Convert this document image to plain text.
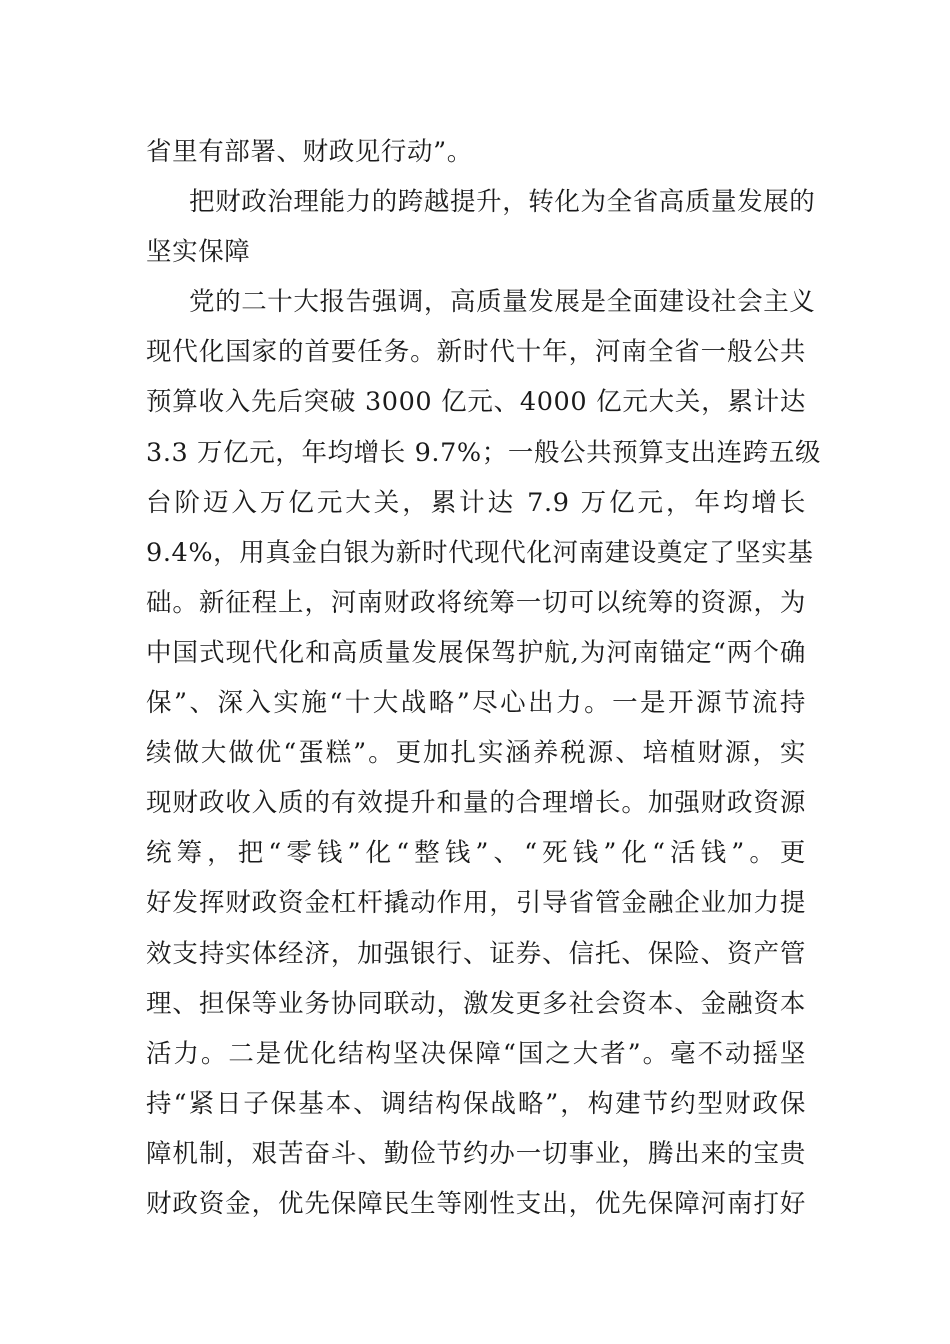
省里有部署、财政见行动”。
把财政治理能力的跨越提升，转化为全省高质量发展的
坚实保障
党的二十大报告强调，高质量发展是全面建设社会主义
现代化国家的首要任务。新时代十年，河南全省一般公共
预算收入先后突破 3000 亿元、4000 亿元大关，累计达
3.3 万亿元，年均增长 9.7%；一般公共预算支出连跨五级
台阶迈入万亿元大关，累计达 7.9 万亿元，年均增长
9.4%，用真金白银为新时代现代化河南建设奠定了坚实基
础。新征程上，河南财政将统筹一切可以统筹的资源，为
中国式现代化和高质量发展保驾护航,为河南锚定“两个确
保”、深入实施“十大战略”尽心出力。一是开源节流持
续做大做优“蛋糕”。更加扎实涵养税源、培植财源，实
现财政收入质的有效提升和量的合理增长。加强财政资源
统筹，把“零钱”化“整钱”、“死钱”化“活钱”。更
好发挥财政资金杠杆撬动作用，引导省管金融企业加力提
效支持实体经济，加强银行、证券、信托、保险、资产管
理、担保等业务协同联动，激发更多社会资本、金融资本
活力。二是优化结构坚决保障“国之大者”。毫不动摇坚
持“紧日子保基本、调结构保战略”，构建节约型财政保
障机制，艰苦奋斗、勤俭节约办一切事业，腾出来的宝贵
财政资金，优先保障民生等刚性支出，优先保障河南打好
